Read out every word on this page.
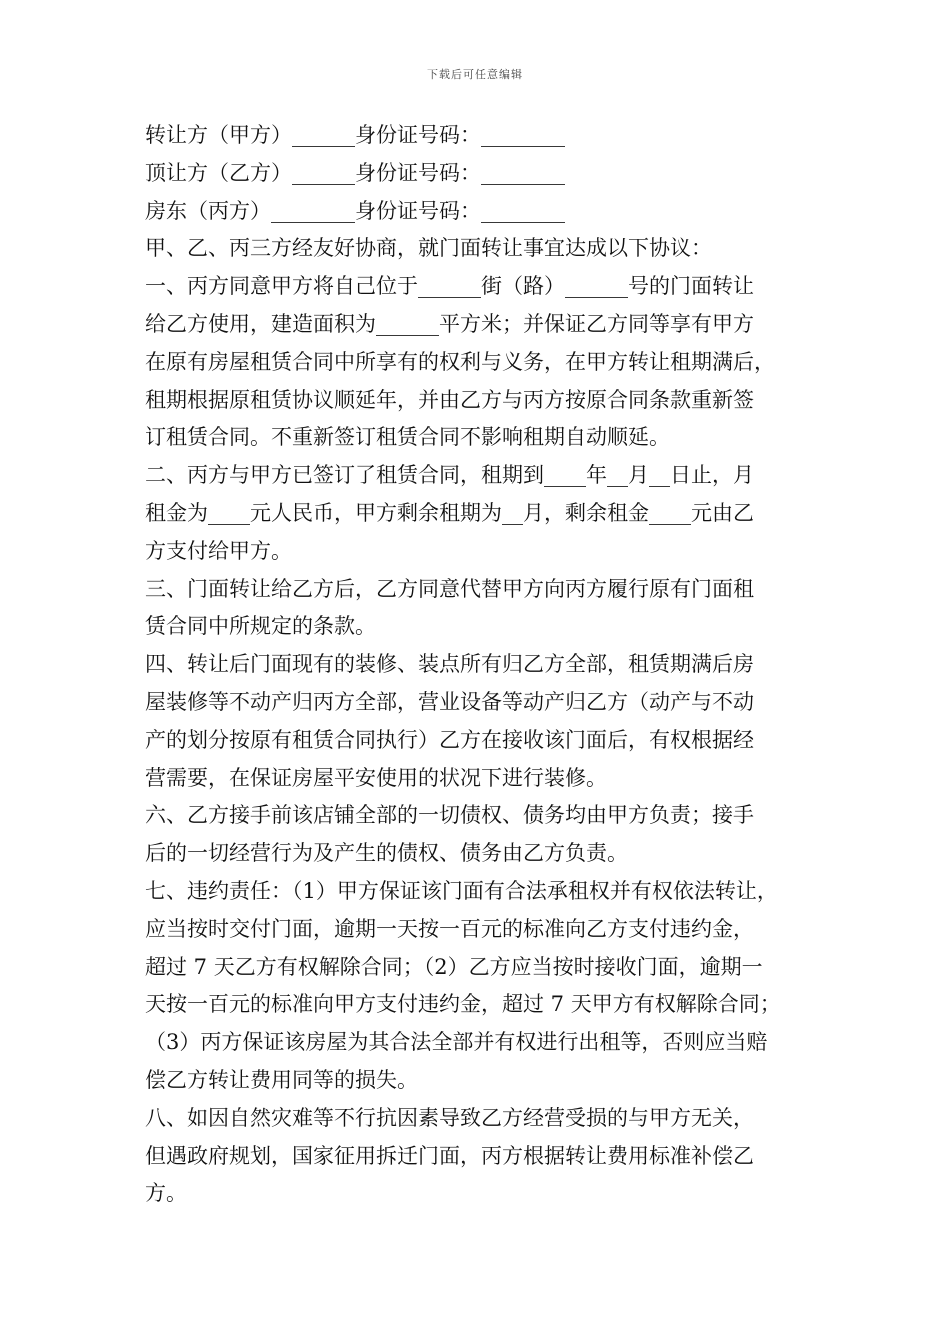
下载后可任意编辑
转让方（甲方）______身份证号码：________
顶让方（乙方）______身份证号码：________
房东（丙方）________身份证号码：________
甲、乙、丙三方经友好协商，就门面转让事宜达成以下协议：
一、丙方同意甲方将自己位于______街（路）______号的门面转让
给乙方使用，建造面积为______平方米；并保证乙方同等享有甲方
在原有房屋租赁合同中所享有的权利与义务，在甲方转让租期满后，
租期根据原租赁协议顺延年，并由乙方与丙方按原合同条款重新签
订租赁合同。不重新签订租赁合同不影响租期自动顺延。
二、丙方与甲方已签订了租赁合同，租期到____年__月__日止，月
租金为____元人民币，甲方剩余租期为__月，剩余租金____元由乙
方支付给甲方。
三、门面转让给乙方后，乙方同意代替甲方向丙方履行原有门面租
赁合同中所规定的条款。
四、转让后门面现有的装修、装点所有归乙方全部，租赁期满后房
屋装修等不动产归丙方全部，营业设备等动产归乙方（动产与不动
产的划分按原有租赁合同执行）乙方在接收该门面后，有权根据经
营需要，在保证房屋平安使用的状况下进行装修。
六、乙方接手前该店铺全部的一切债权、债务均由甲方负责；接手
后的一切经营行为及产生的债权、债务由乙方负责。
七、违约责任：（1）甲方保证该门面有合法承租权并有权依法转让，
应当按时交付门面，逾期一天按一百元的标准向乙方支付违约金，
超过 7 天乙方有权解除合同；（2）乙方应当按时接收门面，逾期一
天按一百元的标准向甲方支付违约金，超过 7 天甲方有权解除合同；
（3）丙方保证该房屋为其合法全部并有权进行出租等，否则应当赔
偿乙方转让费用同等的损失。
八、如因自然灾难等不行抗因素导致乙方经营受损的与甲方无关，
但遇政府规划，国家征用拆迁门面，丙方根据转让费用标准补偿乙
方。
